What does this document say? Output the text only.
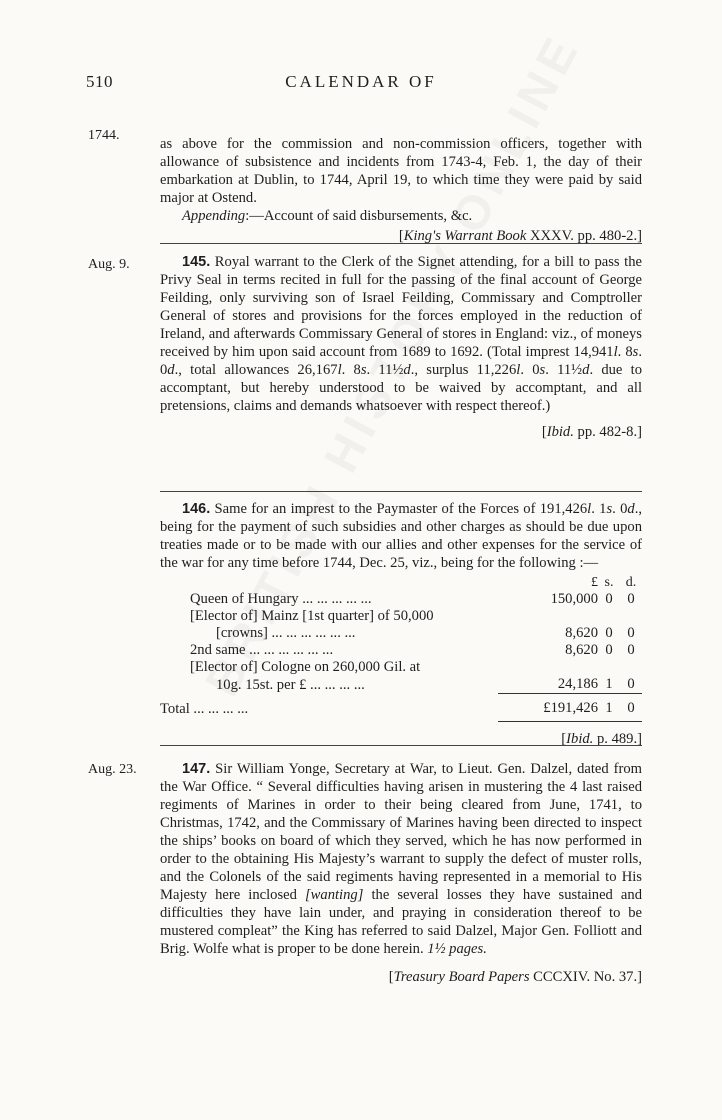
510	CALENDAR OF
1744.

as above for the commission and non-commission officers, together with allowance of subsistence and incidents from 1743-4, Feb. 1, the day of their embarkation at Dublin, to 1744, April 19, to which time they were paid by said major at Ostend.

Appending:—Account of said disbursements, &c.

[King's Warrant Book XXXV. pp. 480-2.]
Aug. 9.	145. Royal warrant to the Clerk of the Signet attending, for a bill to pass the Privy Seal in terms recited in full for the passing of the final account of George Feilding, only surviving son of Israel Feilding, Commissary and Comptroller General of stores and provisions for the forces employed in the reduction of Ireland, and afterwards Commissary General of stores in England: viz., of moneys received by him upon said account from 1689 to 1692. (Total imprest 14,941l. 8s. 0d., total allowances 26,167l. 8s. 11½d., surplus 11,226l. 0s. 11½d. due to accomptant, but hereby understood to be waived by accomptant, and all pretensions, claims and demands whatsoever with respect thereof.)

[Ibid. pp. 482-8.]

146. Same for an imprest to the Paymaster of the Forces of 191,426l. 1s. 0d., being for the payment of such subsidies and other charges as should be due upon treaties made or to be made with our allies and other expenses for the service of the war for any time before 1744, Dec. 25, viz., being for the following :—

	£	s.	d.
Queen of Hungary ... ... ... ... ...	150,000	0	0
[Elector of] Mainz [1st quarter] of 50,000			
[crowns] ... ... ... ... ... ...	8,620	0	0
2nd same ... ... ... ... ... ...	8,620	0	0
[Elector of] Cologne on 260,000 Gil. at			
10g. 15st. per £ ... ... ... ...	24,186	1	0
Total ... ... ... ...	£191,426	1	0
[Ibid. p. 489.]
Aug. 23.	147. Sir William Yonge, Secretary at War, to Lieut. Gen. Dalzel, dated from the War Office. “ Several difficulties having arisen in mustering the 4 last raised regiments of Marines in order to their being cleared from June, 1741, to Christmas, 1742, and the Commissary of Marines having been directed to inspect the ships’ books on board of which they served, which he has now performed in order to the obtaining His Majesty’s warrant to supply the defect of muster rolls, and the Colonels of the said regiments having represented in a memorial to His Majesty here inclosed [wanting] the several losses they have sustained and difficulties they have lain under, and praying in consideration thereof to be mustered compleat” the King has referred to said Dalzel, Major Gen. Folliott and Brig. Wolfe what is proper to be done herein. 1½ pages.

[Treasury Board Papers CCCXIV. No. 37.]
